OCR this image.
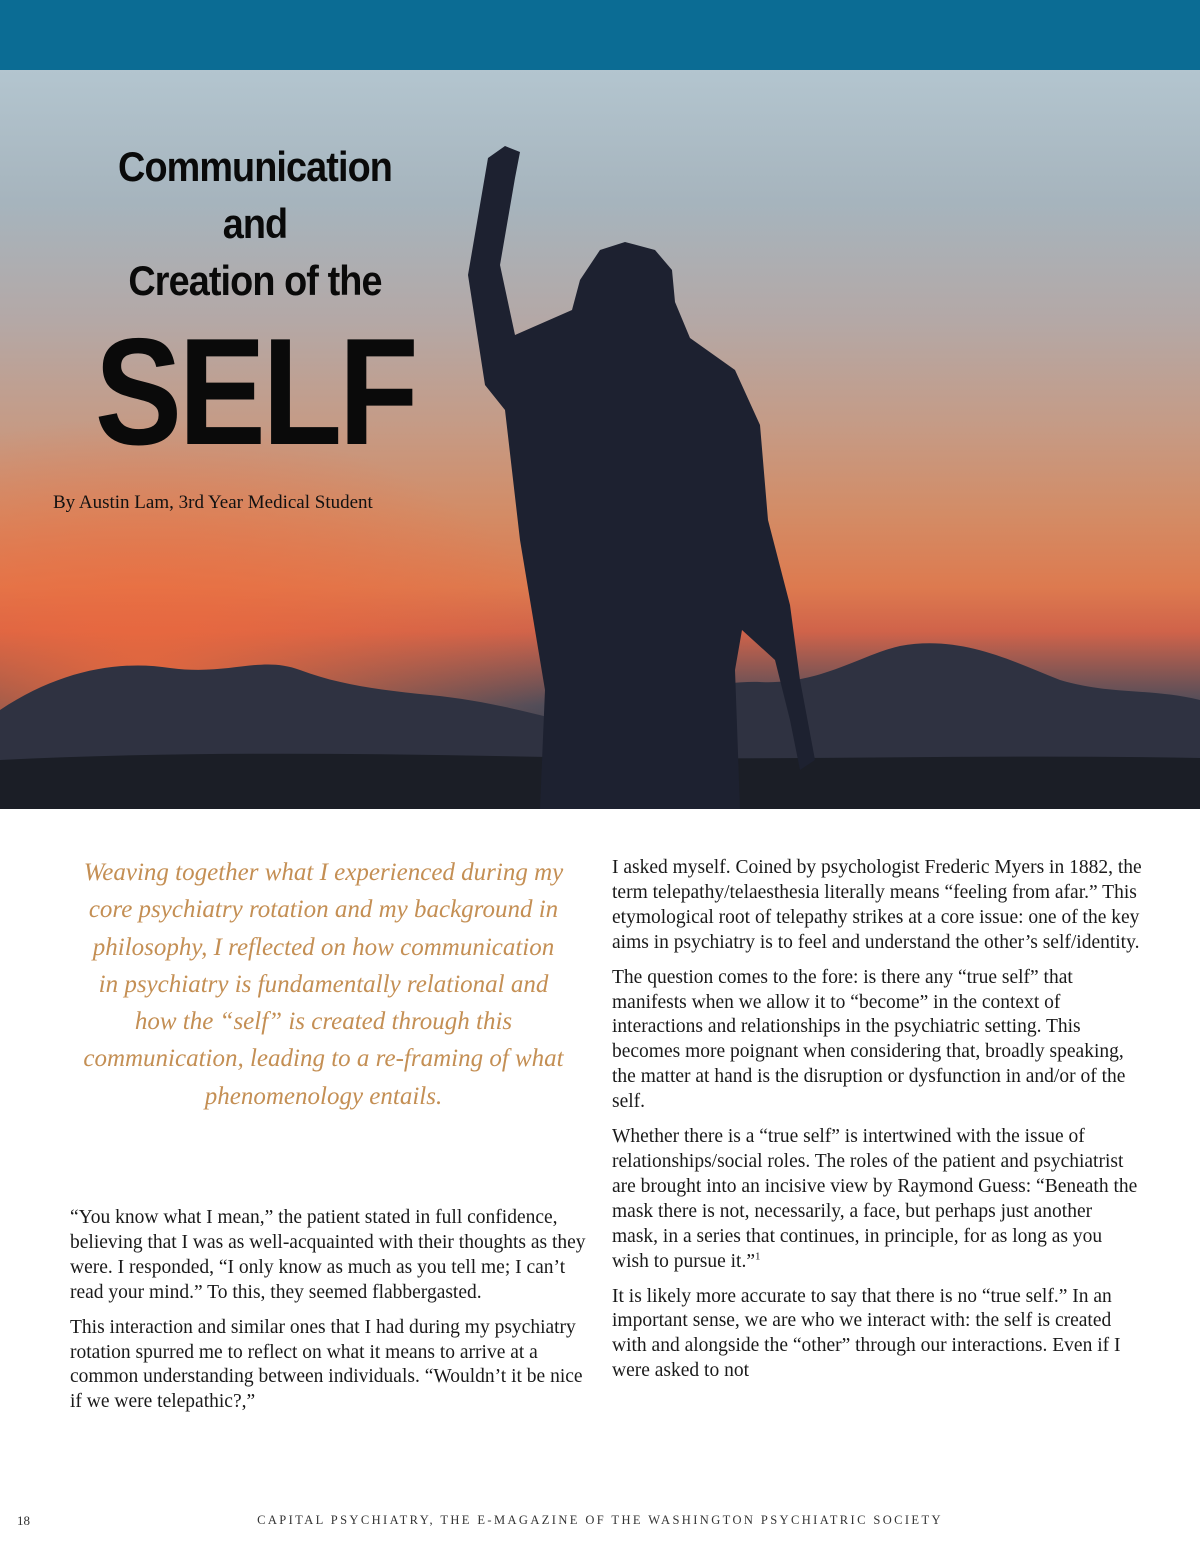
Communication
and
Creation of the
SELF
By Austin Lam, 3rd Year Medical Student
Weaving together what I experienced during my core psychiatry rotation and my background in philosophy, I reflected on how communication in psychiatry is fundamentally relational and how the “self” is created through this communication, leading to a re-framing of what phenomenology entails.

“You know what I mean,” the patient stated in full confidence, believing that I was as well-acquainted with their thoughts as they were. I responded, “I only know as much as you tell me; I can’t read your mind.” To this, they seemed flabbergasted.

This interaction and similar ones that I had during my psychiatry rotation spurred me to reflect on what it means to arrive at a common understanding between individuals. “Wouldn’t it be nice if we were telepathic?,”

I asked myself. Coined by psychologist Frederic Myers in 1882, the term telepathy/telaesthesia literally means “feeling from afar.” This etymological root of telepathy strikes at a core issue: one of the key aims in psychiatry is to feel and understand the other’s self/identity.

The question comes to the fore: is there any “true self” that manifests when we allow it to “become” in the context of interactions and relationships in the psychiatric setting. This becomes more poignant when considering that, broadly speaking, the matter at hand is the disruption or dysfunction in and/or of the self.

Whether there is a “true self” is intertwined with the issue of relationships/social roles. The roles of the patient and psychiatrist are brought into an incisive view by Raymond Guess: “Beneath the mask there is not, necessarily, a face, but perhaps just another mask, in a series that continues, in principle, for as long as you wish to pursue it.”$^1$

It is likely more accurate to say that there is no “true self.” In an important sense, we are who we interact with: the self is created with and alongside the “other” through our interactions. Even if I were asked to not

18	CAPITAL PSYCHIATRY, THE E-MAGAZINE OF THE WASHINGTON PSYCHIATRIC SOCIETY
